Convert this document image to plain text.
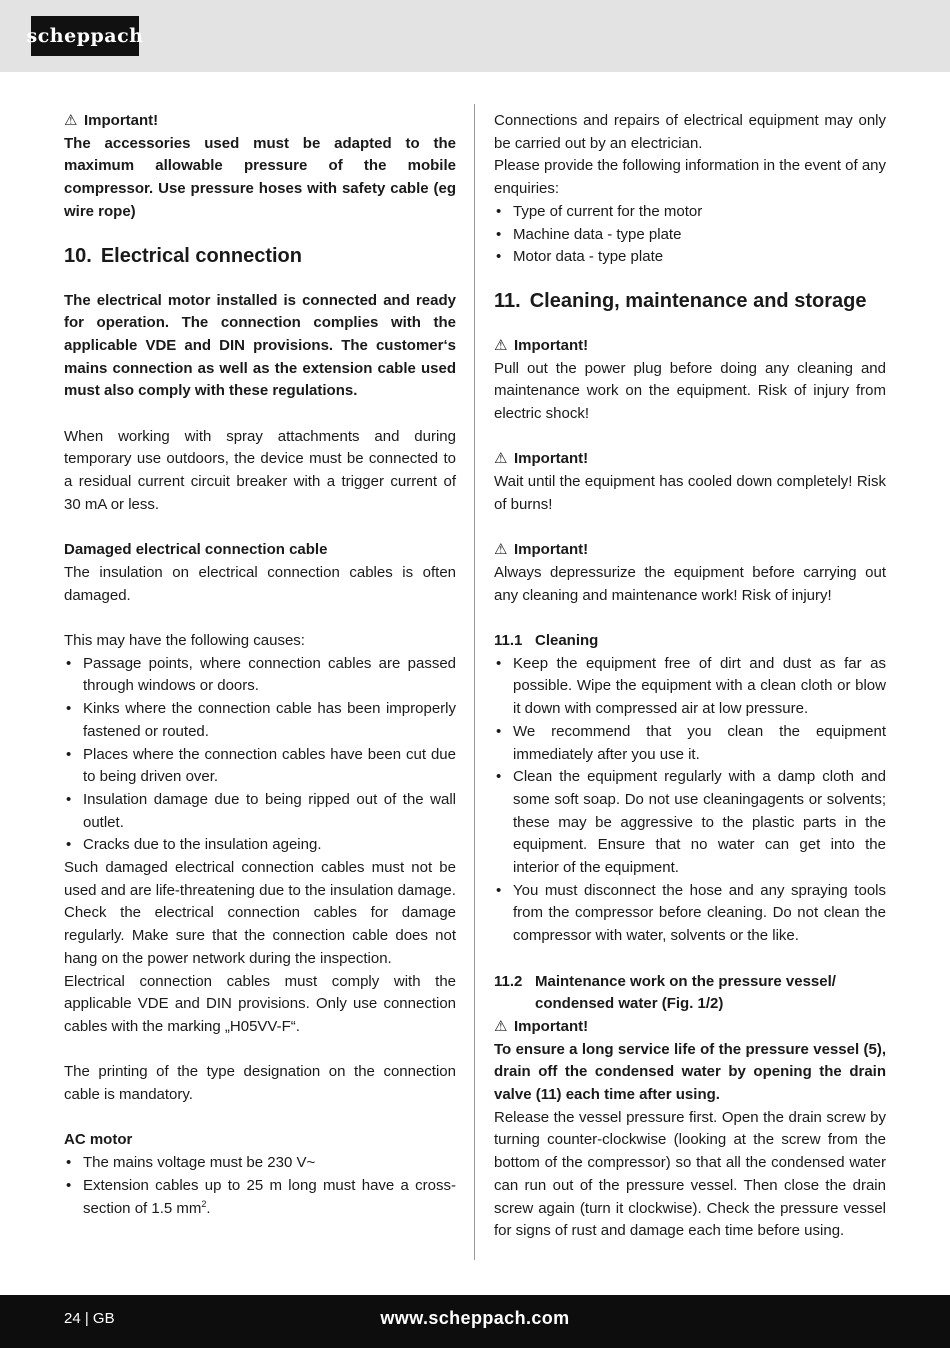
scheppach

⚠ Important!

The accessories used must be adapted to the maximum allowable pressure of the mobile compressor. Use pressure hoses with safety cable (eg wire rope)

10. Electrical connection

The electrical motor installed is connected and ready for operation. The connection complies with the applicable VDE and DIN provisions. The customer‘s mains connection as well as the extension cable used must also comply with these regulations.

When working with spray attachments and during temporary use outdoors, the device must be connected to a residual current circuit breaker with a trigger current of 30 mA or less.

Damaged electrical connection cable

The insulation on electrical connection cables is often damaged.

This may have the following causes:

• Passage points, where connection cables are passed through windows or doors.
• Kinks where the connection cable has been improperly fastened or routed.
• Places where the connection cables have been cut due to being driven over.
• Insulation damage due to being ripped out of the wall outlet.
• Cracks due to the insulation ageing.

Such damaged electrical connection cables must not be used and are life-threatening due to the insulation damage.

Check the electrical connection cables for damage regularly. Make sure that the connection cable does not hang on the power network during the inspection.

Electrical connection cables must comply with the applicable VDE and DIN provisions. Only use connection cables with the marking „H05VV-F“.

The printing of the type designation on the connection cable is mandatory.

AC motor

• The mains voltage must be 230 V~
• Extension cables up to 25 m long must have a cross-section of 1.5 $mm^2$.

Connections and repairs of electrical equipment may only be carried out by an electrician.

Please provide the following information in the event of any enquiries:

• Type of current for the motor
• Machine data - type plate
• Motor data - type plate
11. Cleaning, maintenance and storage

⚠ Important!

Pull out the power plug before doing any cleaning and maintenance work on the equipment. Risk of injury from electric shock!

⚠ Important!

Wait until the equipment has cooled down completely! Risk of burns!

⚠ Important!

Always depressurize the equipment before carrying out any cleaning and maintenance work! Risk of injury!

11.1 Cleaning

• Keep the equipment free of dirt and dust as far as possible. Wipe the equipment with a clean cloth or blow it down with compressed air at low pressure.
• We recommend that you clean the equipment immediately after you use it.
• Clean the equipment regularly with a damp cloth and some soft soap. Do not use cleaningagents or solvents; these may be aggressive to the plastic parts in the equipment. Ensure that no water can get into the interior of the equipment.
• You must disconnect the hose and any spraying tools from the compressor before cleaning. Do not clean the compressor with water, solvents or the like.

11.2 Maintenance work on the pressure vessel/

condensed water (Fig. 1/2)

⚠ Important!

To ensure a long service life of the pressure vessel (5), drain off the condensed water by opening the drain valve (11) each time after using.

Release the vessel pressure first. Open the drain screw by turning counter-clockwise (looking at the screw from the bottom of the compressor) so that all the condensed water can run out of the pressure vessel. Then close the drain screw again (turn it clockwise). Check the pressure vessel for signs of rust and damage each time before using.

24 | GB	www.scheppach.com
